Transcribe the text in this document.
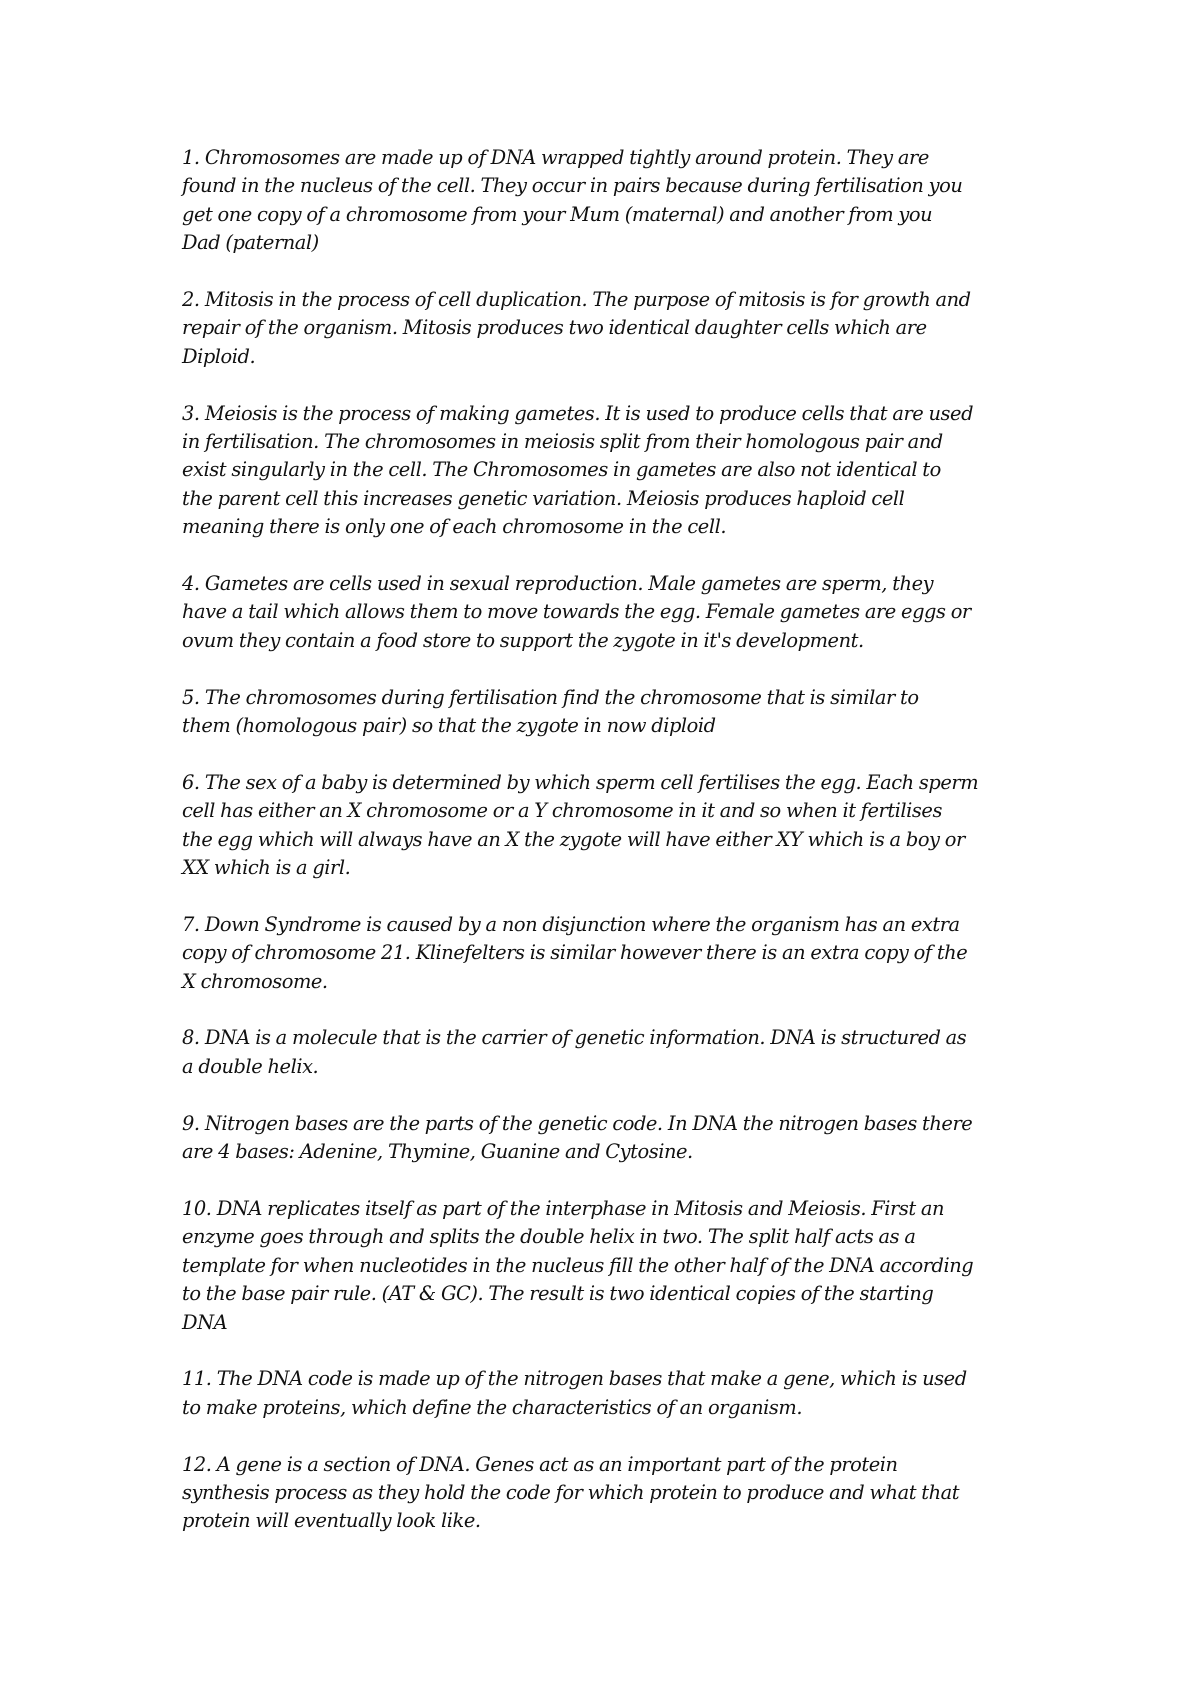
1. Chromosomes are made up of DNA wrapped tightly around protein. They are
found in the nucleus of the cell. They occur in pairs because during fertilisation you
get one copy of a chromosome from your Mum (maternal) and another from you
Dad (paternal)

2. Mitosis in the process of cell duplication. The purpose of mitosis is for growth and
repair of the organism. Mitosis produces two identical daughter cells which are
Diploid.

3. Meiosis is the process of making gametes. It is used to produce cells that are used
in fertilisation. The chromosomes in meiosis split from their homologous pair and
exist singularly in the cell. The Chromosomes in gametes are also not identical to
the parent cell this increases genetic variation. Meiosis produces haploid cell
meaning there is only one of each chromosome in the cell.

4. Gametes are cells used in sexual reproduction. Male gametes are sperm, they
have a tail which allows them to move towards the egg. Female gametes are eggs or
ovum they contain a food store to support the zygote in it's development.

5. The chromosomes during fertilisation find the chromosome that is similar to
them (homologous pair) so that the zygote in now diploid

6. The sex of a baby is determined by which sperm cell fertilises the egg. Each sperm
cell has either an X chromosome or a Y chromosome in it and so when it fertilises
the egg which will always have an X the zygote will have either XY which is a boy or
XX which is a girl.

7. Down Syndrome is caused by a non disjunction where the organism has an extra
copy of chromosome 21. Klinefelters is similar however there is an extra copy of the
X chromosome.

8. DNA is a molecule that is the carrier of genetic information. DNA is structured as
a double helix.

9. Nitrogen bases are the parts of the genetic code. In DNA the nitrogen bases there
are 4 bases: Adenine, Thymine, Guanine and Cytosine.

10. DNA replicates itself as part of the interphase in Mitosis and Meiosis. First an
enzyme goes through and splits the double helix in two. The split half acts as a
template for when nucleotides in the nucleus fill the other half of the DNA according
to the base pair rule. (AT & GC). The result is two identical copies of the starting
DNA

11. The DNA code is made up of the nitrogen bases that make a gene, which is used
to make proteins, which define the characteristics of an organism.

12. A gene is a section of DNA. Genes act as an important part of the protein
synthesis process as they hold the code for which protein to produce and what that
protein will eventually look like.
